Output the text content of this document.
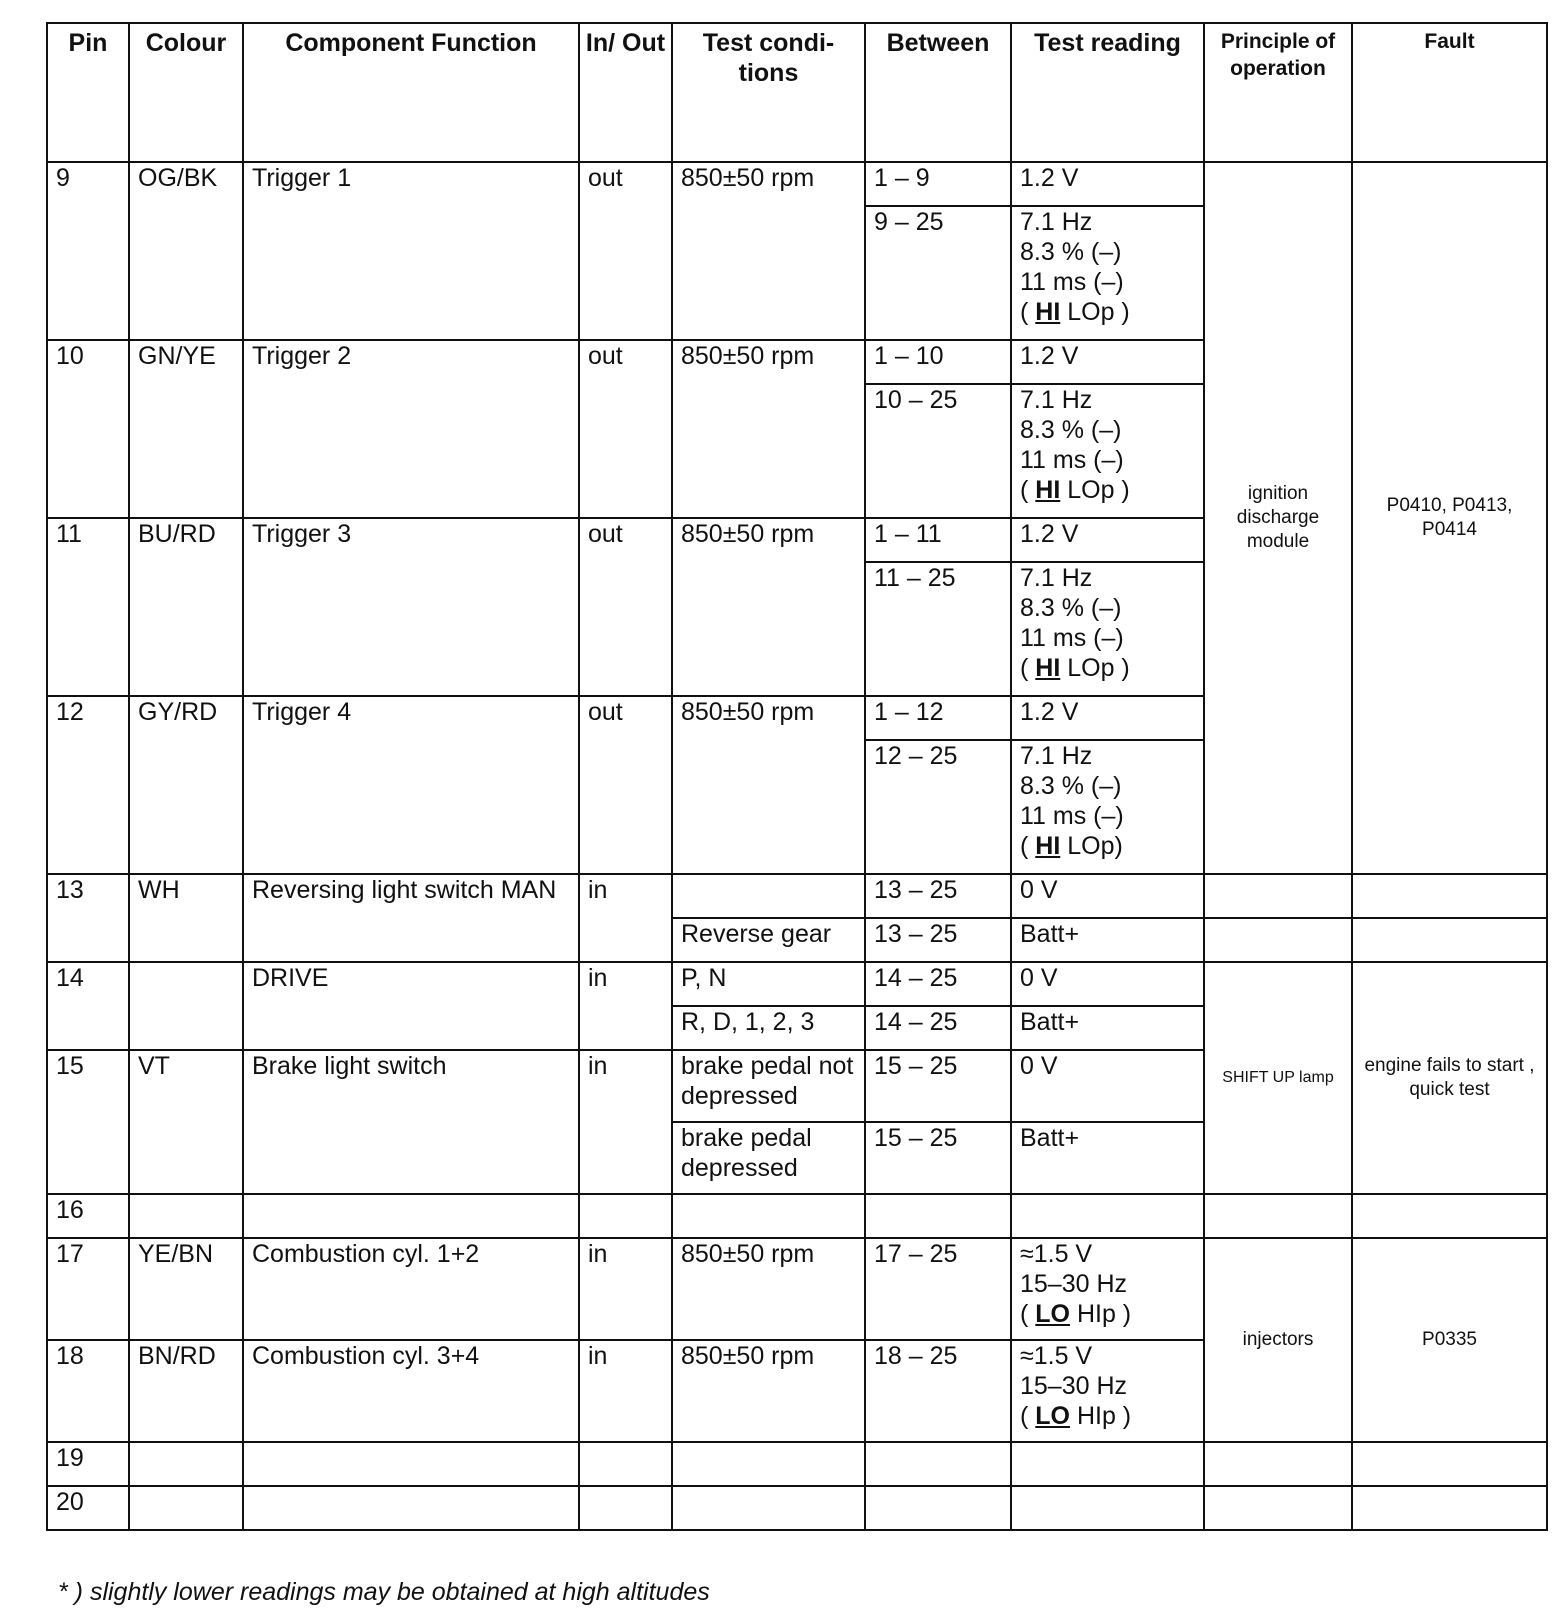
Pin	Colour	Component Function	In/ Out	Test condi- tions	Between	Test reading	Principle of operation	Fault
9	OG/BK	Trigger 1	out	850±50 rpm	1 – 9	1.2 V	ignition discharge module	P0410, P0413, P0414
					9 – 25	7.1 Hz
8.3 % (–)
11 ms (–)
( HI LOp )		
10	GN/YE	Trigger 2	out	850±50 rpm	1 – 10	1.2 V		
					10 – 25	7.1 Hz
8.3 % (–)
11 ms (–)
( HI LOp )		
11	BU/RD	Trigger 3	out	850±50 rpm	1 – 11	1.2 V		
					11 – 25	7.1 Hz
8.3 % (–)
11 ms (–)
( HI LOp )		
12	GY/RD	Trigger 4	out	850±50 rpm	1 – 12	1.2 V		
					12 – 25	7.1 Hz
8.3 % (–)
11 ms (–)
( HI LOp)		
13	WH	Reversing light switch MAN	in		13 – 25	0 V		
				Reverse gear	13 – 25	Batt+		
14		DRIVE	in	P, N	14 – 25	0 V	SHIFT UP lamp	engine fails to start , quick test
				R, D, 1, 2, 3	14 – 25	Batt+		
15	VT	Brake light switch	in	brake pedal not depressed	15 – 25	0 V		
				brake pedal depressed	15 – 25	Batt+		
16								
17	YE/BN	Combustion cyl. 1+2	in	850±50 rpm	17 – 25	≈1.5 V
15–30 Hz
( LO HIp )	injectors	P0335
18	BN/RD	Combustion cyl. 3+4	in	850±50 rpm	18 – 25	≈1.5 V
15–30 Hz
( LO HIp )		
19								
20								
* ) slightly lower readings may be obtained at high altitudes
